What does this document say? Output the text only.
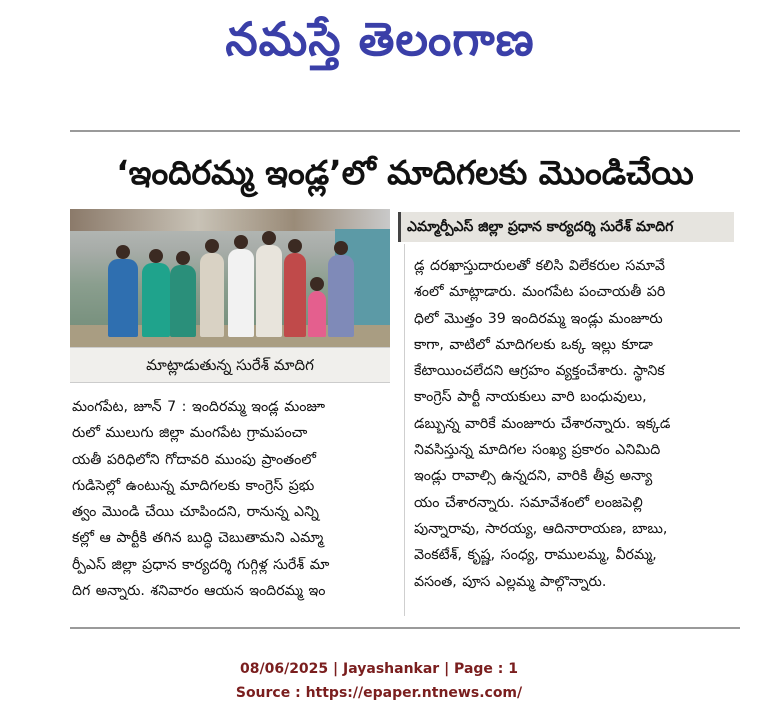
నమస్తే తెలంగాణ
‘ఇందిరమ్మ ఇండ్ల’లో మాదిగలకు మొండిచేయి
మాట్లాడుతున్న సురేశ్ మాదిగ
ఎమ్మార్పీఎస్ జిల్లా ప్రధాన కార్యదర్శి సురేశ్ మాదిగ
మంగపేట, జూన్ 7 : ఇందిరమ్మ ఇండ్ల మంజూ
రులో ములుగు జిల్లా మంగపేట గ్రామపంచా
యతీ పరిధిలోని గోదావరి ముంపు ప్రాంతంలో
గుడిసెల్లో ఉంటున్న మాదిగలకు కాంగ్రెస్ ప్రభు
త్వం మొండి చేయి చూపిందని, రానున్న ఎన్ని
కల్లో ఆ పార్టీకి తగిన బుద్ధి చెబుతామని ఎమ్మా
ర్పీఎస్ జిల్లా ప్రధాన కార్యదర్శి గుగ్గిళ్ల సురేశ్ మా
దిగ అన్నారు. శనివారం ఆయన ఇందిరమ్మ ఇం
డ్ల దరఖాస్తుదారులతో కలిసి విలేకరుల సమావే
శంలో మాట్లాడారు. మంగపేట పంచాయతీ పరి
ధిలో మొత్తం 39 ఇందిరమ్మ ఇండ్లు మంజూరు
కాగా, వాటిలో మాదిగలకు ఒక్క ఇల్లు కూడా
కేటాయించలేదని ఆగ్రహం వ్యక్తంచేశారు. స్థానిక
కాంగ్రెస్ పార్టీ నాయకులు వారి బంధువులు,
డబ్బున్న వారికే మంజూరు చేశారన్నారు. ఇక్కడ
నివసిస్తున్న మాదిగల సంఖ్య ప్రకారం ఎనిమిది
ఇండ్లు రావాల్సి ఉన్నదని, వారికి తీవ్ర అన్యా
యం చేశారన్నారు. సమావేశంలో లంజపెల్లి
పున్నారావు, సారయ్య, ఆదినారాయణ, బాబు,
వెంకటేశ్, కృష్ణ, సంధ్య, రాములమ్మ, వీరమ్మ,
వసంత, పూస ఎల్లమ్మ పాల్గొన్నారు.
08/06/2025 | Jayashankar | Page : 1
Source : https://epaper.ntnews.com/
